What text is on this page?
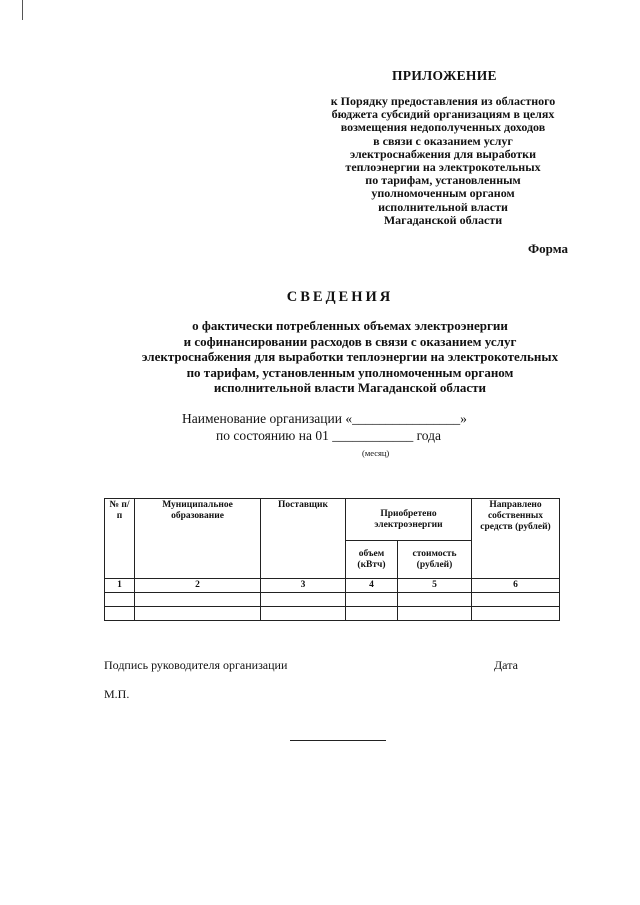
ПРИЛОЖЕНИЕ
к Порядку предоставления из областного
бюджета субсидий организациям в целях
возмещения недополученных доходов
в связи с оказанием услуг
электроснабжения для выработки
теплоэнергии на электрокотельных
по тарифам, установленным
уполномоченным органом
исполнительной власти
Магаданской области
Форма
СВЕДЕНИЯ
о фактически потребленных объемах электроэнергии
и софинансировании расходов в связи с оказанием услуг
электроснабжения для выработки теплоэнергии на электрокотельных
по тарифам, установленным уполномоченным органом
исполнительной власти Магаданской области
Наименование организации «________________»
по состоянию на 01 ____________ года
(месяц)
№ п/п	Муниципальное образование	Поставщик	Приобретено электроэнергии		Направлено собственных средств (рублей)
			объем (кВтч)	стоимость (рублей)	
1	2	3	4	5	6

Подпись руководителя организации	Дата
М.П.
